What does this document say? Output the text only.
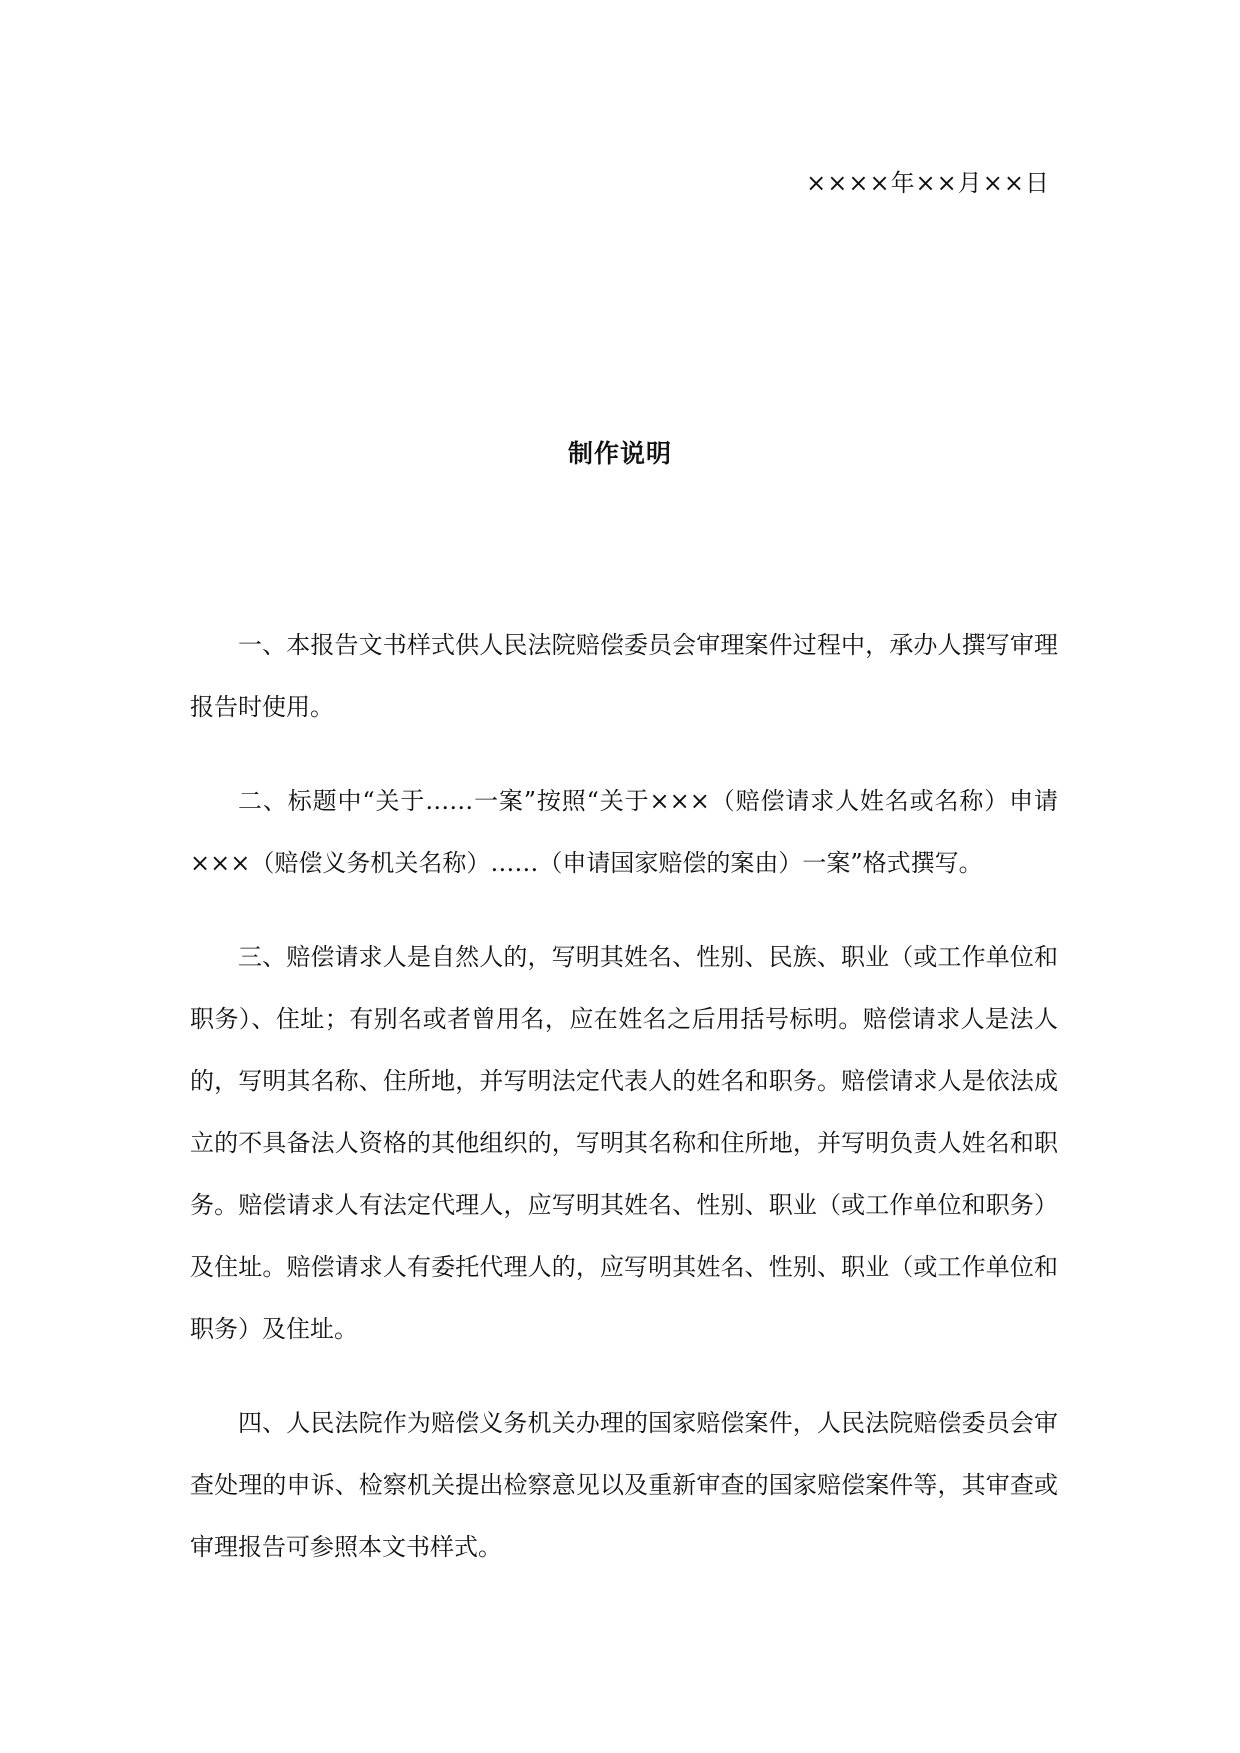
××××年××月××日
制作说明

一、本报告文书样式供人民法院赔偿委员会审理案件过程中，承办人撰写审理报告时使用。

二、标题中“关于……一案”按照“关于×××（赔偿请求人姓名或名称）申请×××（赔偿义务机关名称）……（申请国家赔偿的案由）一案”格式撰写。

三、赔偿请求人是自然人的，写明其姓名、性别、民族、职业（或工作单位和职务）、住址；有别名或者曾用名，应在姓名之后用括号标明。赔偿请求人是法人的，写明其名称、住所地，并写明法定代表人的姓名和职务。赔偿请求人是依法成立的不具备法人资格的其他组织的，写明其名称和住所地，并写明负责人姓名和职务。赔偿请求人有法定代理人，应写明其姓名、性别、职业（或工作单位和职务）及住址。赔偿请求人有委托代理人的，应写明其姓名、性别、职业（或工作单位和职务）及住址。

四、人民法院作为赔偿义务机关办理的国家赔偿案件，人民法院赔偿委员会审查处理的申诉、检察机关提出检察意见以及重新审查的国家赔偿案件等，其审查或审理报告可参照本文书样式。
